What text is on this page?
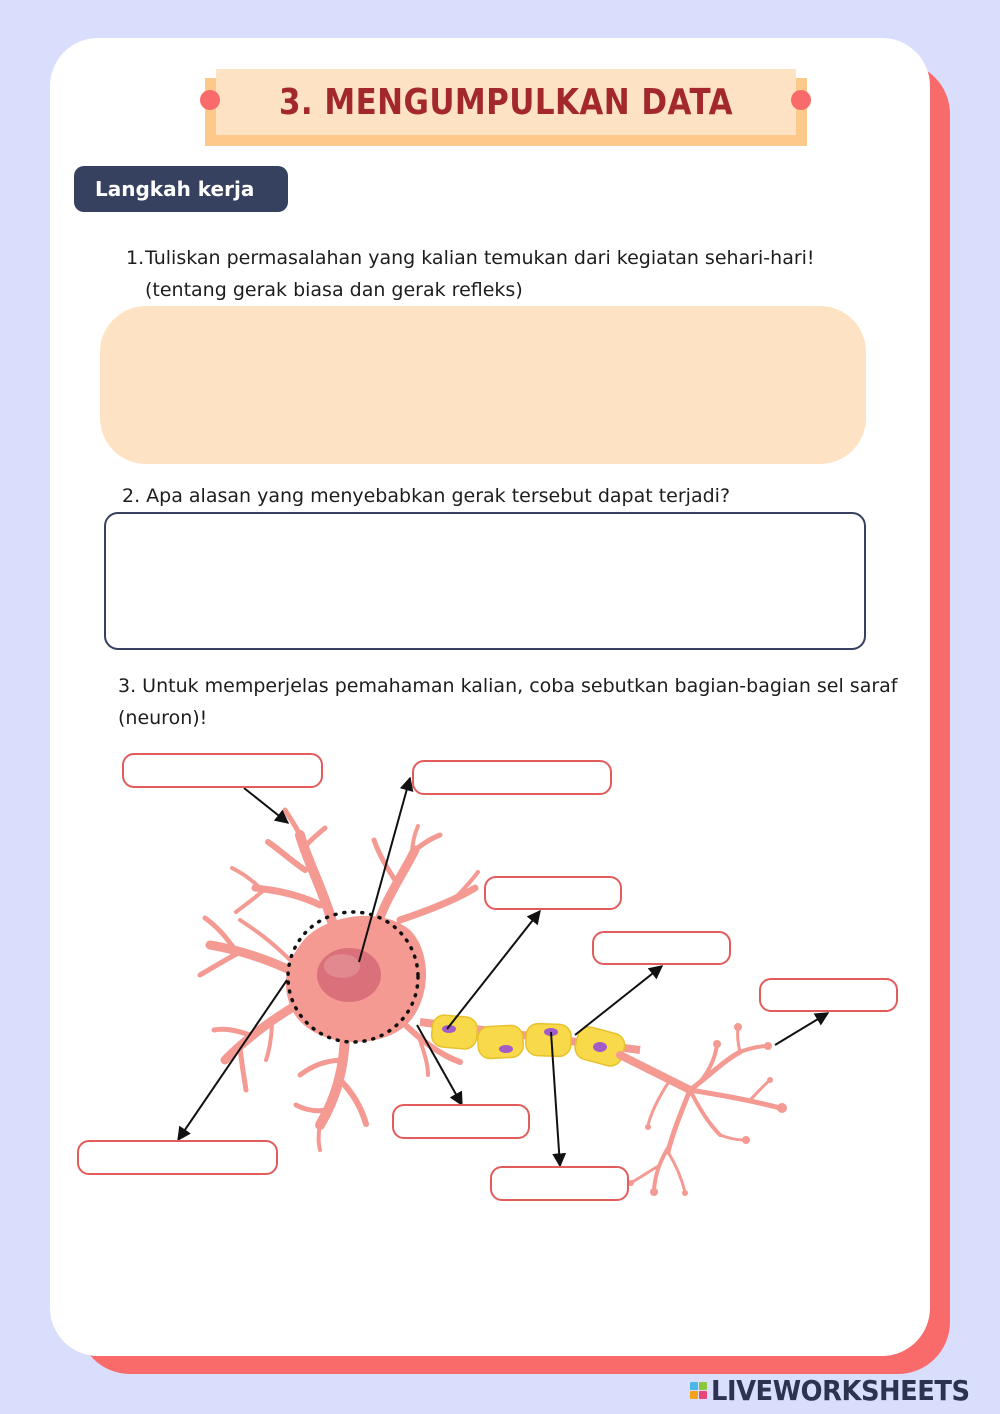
3. MENGUMPULKAN DATA
Langkah kerja
1. Tuliskan permasalahan yang kalian temukan dari kegiatan sehari-hari!
(tentang gerak biasa dan gerak refleks)
2. Apa alasan yang menyebabkan gerak tersebut dapat terjadi?
3. Untuk memperjelas pemahaman kalian, coba sebutkan bagian-bagian sel saraf
(neuron)!
LIVEWORKSHEETS
